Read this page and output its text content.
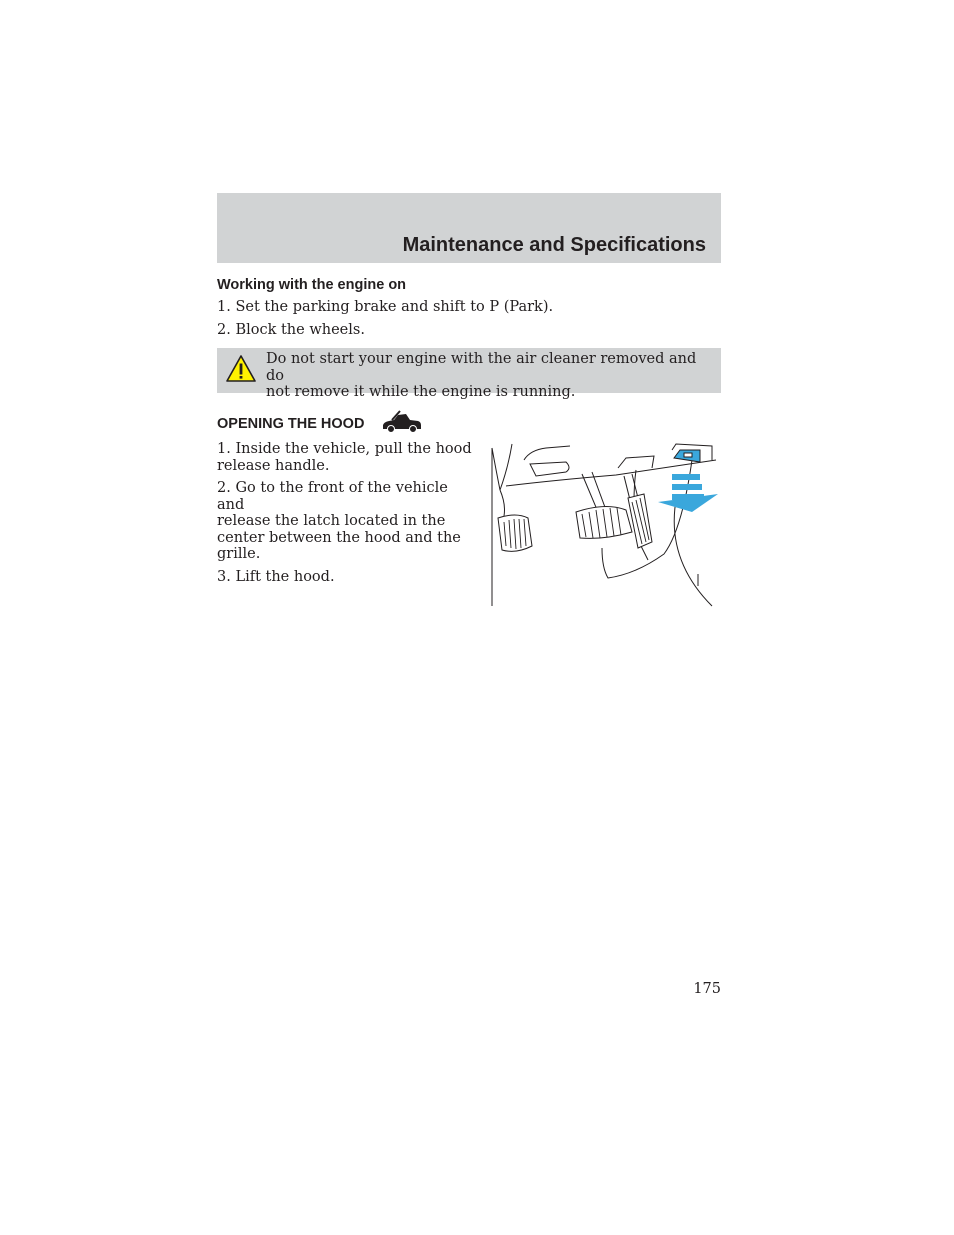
Maintenance and Specifications
Working with the engine on

1. Set the parking brake and shift to P (Park).

2. Block the wheels.

Do not start your engine with the air cleaner removed and do
not remove it while the engine is running.

OPENING THE HOOD

1. Inside the vehicle, pull the hood
release handle.

2. Go to the front of the vehicle and
release the latch located in the
center between the hood and the
grille.

3. Lift the hood.

175
